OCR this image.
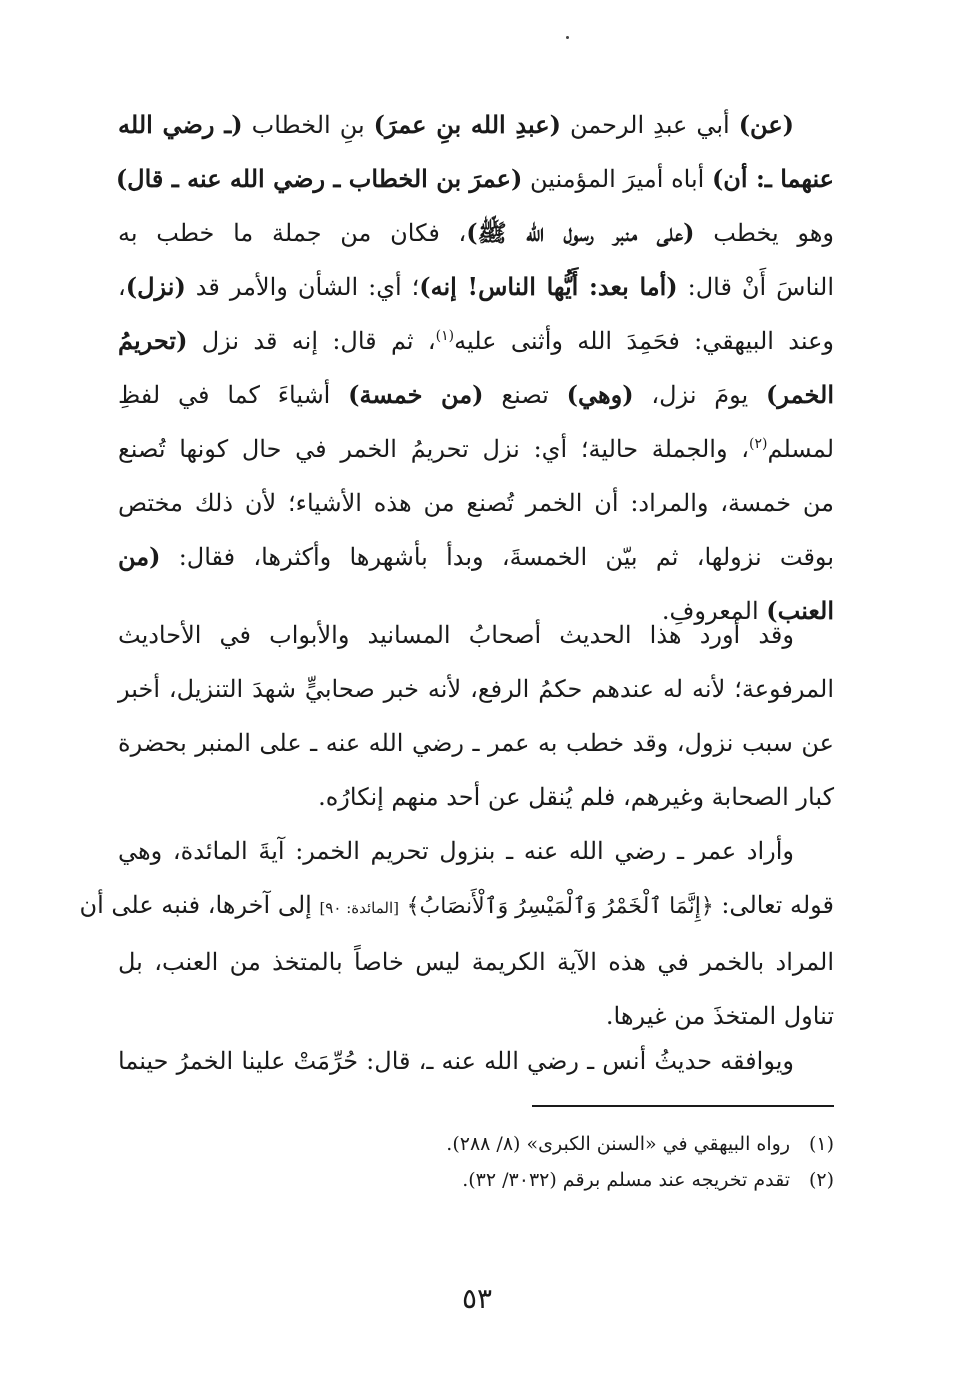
(عن) أبي عبدِ الرحمن (عبدِ الله بنِ عمرَ) بنِ الخطاب (ـ رضي الله
عنهما ـ: أن) أباه أميرَ المؤمنين (عمرَ بن الخطاب ـ رضي الله عنه ـ قال)
وهو يخطب (على منبر رسول الله ﷺ)، فكان من جملة ما خطب به
الناسَ أَنْ قال: (أما بعد: أَيُّها الناس! إنه)؛ أي: الشأن والأمر قد (نزل)،
وعند البيهقي: فحَمِدَ الله وأثنى عليه$^{(١)}$، ثم قال: إنه قد نزل (تحريمُ
الخمر) يومَ نزل، (وهي) تصنع (من خمسة) أشياءَ كما في لفظِ
لمسلم$^{(٢)}$، والجملة حالية؛ أي: نزل تحريمُ الخمر في حال كونها تُصنع
من خمسة، والمراد: أن الخمر تُصنع من هذه الأشياء؛ لأن ذلك مختص
بوقت نزولها، ثم بيّن الخمسةَ، وبدأ بأشهرها وأكثرها، فقال: (من
العنب) المعروفِ.
وقد أورد هذا الحديث أصحابُ المسانيد والأبواب في الأحاديث
المرفوعة؛ لأنه له عندهم حكمُ الرفع، لأنه خبر صحابيٍّ شهدَ التنزيل، أخبر
عن سبب نزول، وقد خطب به عمر ـ رضي الله عنه ـ على المنبر بحضرة
كبار الصحابة وغيرهم، فلم يُنقل عن أحد منهم إنكارُه.
وأراد عمر ـ رضي الله عنه ـ بنزول تحريم الخمر: آيةَ المائدة، وهي
قوله تعالى: ﴿إِنَّمَا ٱلْخَمْرُ وَٱلْمَيْسِرُ وَٱلْأَنصَابُ﴾ [المائدة: ٩٠] إلى آخرها، فنبه على أن
المراد بالخمر في هذه الآية الكريمة ليس خاصاً بالمتخذ من العنب، بل
تناول المتخذَ من غيرها.
ويوافقه حديثُ أنس ـ رضي الله عنه ـ، قال: حُرِّمَتْ علينا الخمرُ حينما
(١)رواه البيهقي في «السنن الكبرى» (٨/ ٢٨٨).
(٢)تقدم تخريجه عند مسلم برقم (٣٠٣٢/ ٣٢).
٥٣
